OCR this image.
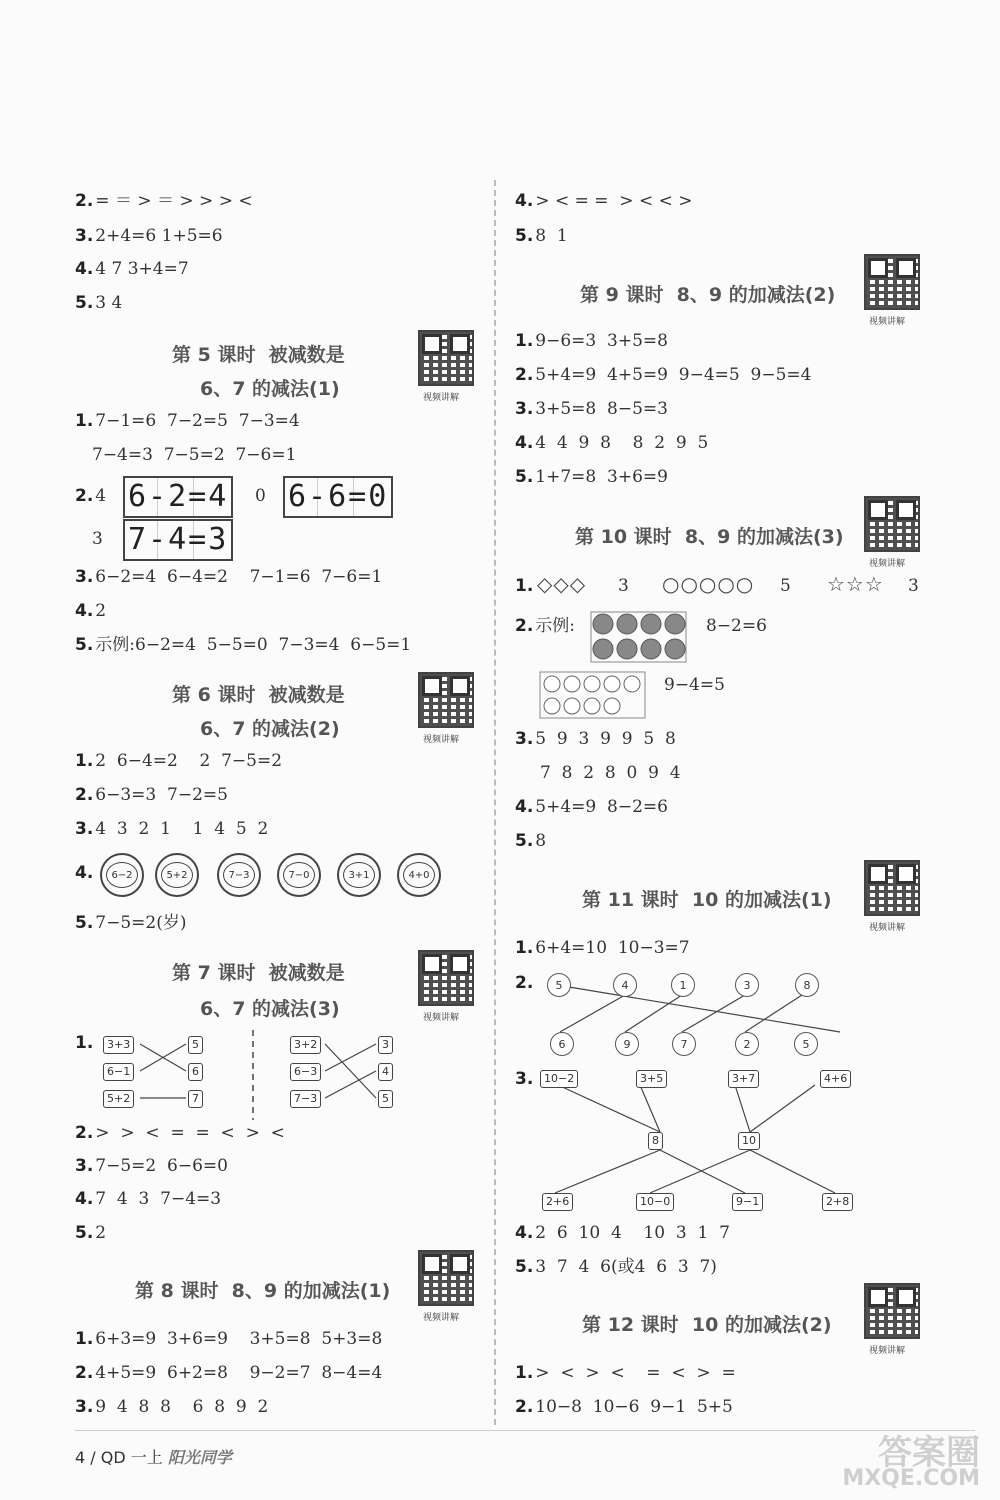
2. = ＝ > ＝ > > > <
3. 2+4=6 1+5=6
4. 4 7 3+4=7
5. 3 4
第 5 课时  被减数是
6、7 的减法(1)	视频讲解
1. 7−1=6  7−2=5  7−3=4
7−4=3  7−5=2  7−6=1
2. 4 6-2=4 0 6-6=0
3 7-4=3
3. 6−2=4  6−4=2    7−1=6  7−6=1
4. 2
5. 示例:6−2=4  5−5=0  7−3=4  6−5=1
第 6 课时  被减数是
6、7 的减法(2)	视频讲解
1. 2  6−4=2    2  7−5=2
2. 6−3=3  7−2=5
3. 4  3  2  1    1  4  5  2
4.	6−2	5+2	7−3	7−0	3+1	4+0
5. 7−5=2(岁)
第 7 课时  被减数是
6、7 的减法(3)	视频讲解
1.	3+3
6−1
5+2
5
6
7
3+2
6−3
7−3
3
4
5
2. >  >  <  =  =  <  >  <
3. 7−5=2  6−6=0
4. 7  4  3  7−4=3
5. 2
第 8 课时  8、9 的加减法(1)
视频讲解
1. 6+3=9  3+6=9    3+5=8  5+3=8
2. 4+5=9  6+2=8    9−2=7  8−4=4
3. 9  4  8  8    6  8  9  2
4. > < = =  > < < >
5. 8  1
第 9 课时  8、9 的加减法(2)
视频讲解
1. 9−6=3  3+5=8
2. 5+4=9  4+5=9  9−4=5  9−5=4
3. 3+5=8  8−5=3
4. 4  4  9  8    8  2  9  5
5. 1+7=8  3+6=9
第 10 课时  8、9 的加减法(3)
视频讲解
1. ◇◇◇ 3 ○○○○○ 5 ☆☆☆ 3
2. 示例:	8−2=6
9−4=5
3. 5  9  3  9  9  5  8
7  8  2  8  0  9  4
4. 5+4=9  8−2=6
5. 8
第 11 课时  10 的加减法(1)
视频讲解
1. 6+4=10  10−3=7
2.	5	4	1	3	8
6	9	7	2	5
3. 10−2	3+5	3+7	4+6
8	10
2+6	10−0	9−1	2+8
4. 2  6  10  4    10  3  1  7
5. 3  7  4  6(或4  6  3  7)
第 12 课时  10 的加减法(2)
视频讲解
1. >  <  >  <    =  <  >  =
2. 10−8  10−6  9−1  5+5
4 / QD 一上 阳光同学	答案圈
MXQE.COM
